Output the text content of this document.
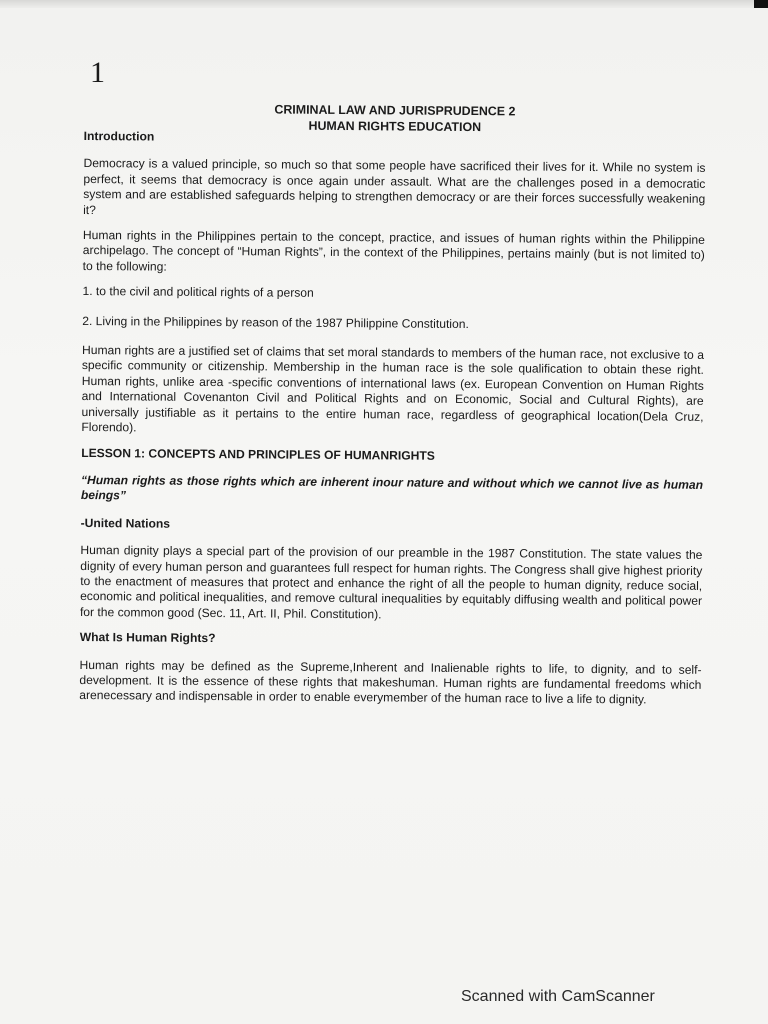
1
CRIMINAL LAW AND JURISPRUDENCE 2
HUMAN RIGHTS EDUCATION
Introduction

Democracy is a valued principle, so much so that some people have sacrificed their lives for it. While no system is perfect, it seems that democracy is once again under assault. What are the challenges posed in a democratic system and are established safeguards helping to strengthen democracy or are their forces successfully weakening it?

Human rights in the Philippines pertain to the concept, practice, and issues of human rights within the Philippine archipelago. The concept of “Human Rights”, in the context of the Philippines, pertains mainly (but is not limited to) to the following:

1. to the civil and political rights of a person
2. Living in the Philippines by reason of the 1987 Philippine Constitution.

Human rights are a justified set of claims that set moral standards to members of the human race, not exclusive to a specific community or citizenship. Membership in the human race is the sole qualification to obtain these right. Human rights, unlike area -specific conventions of international laws (ex. European Convention on Human Rights and International Covenanton Civil and Political Rights and on Economic, Social and Cultural Rights), are universally justifiable as it pertains to the entire human race, regardless of geographical location(Dela Cruz, Florendo).

LESSON 1: CONCEPTS AND PRINCIPLES OF HUMANRIGHTS
“Human rights as those rights which are inherent inour nature and without which we cannot live as human beings”
-United Nations

Human dignity plays a special part of the provision of our preamble in the 1987 Constitution. The state values the dignity of every human person and guarantees full respect for human rights. The Congress shall give highest priority to the enactment of measures that protect and enhance the right of all the people to human dignity, reduce social, economic and political inequalities, and remove cultural inequalities by equitably diffusing wealth and political power for the common good (Sec. 11, Art. II, Phil. Constitution).

What Is Human Rights?

Human rights may be defined as the Supreme,Inherent and Inalienable rights to life, to dignity, and to self-development. It is the essence of these rights that makeshuman. Human rights are fundamental freedoms which arenecessary and indispensable in order to enable everymember of the human race to live a life to dignity.

Scanned with CamScanner
